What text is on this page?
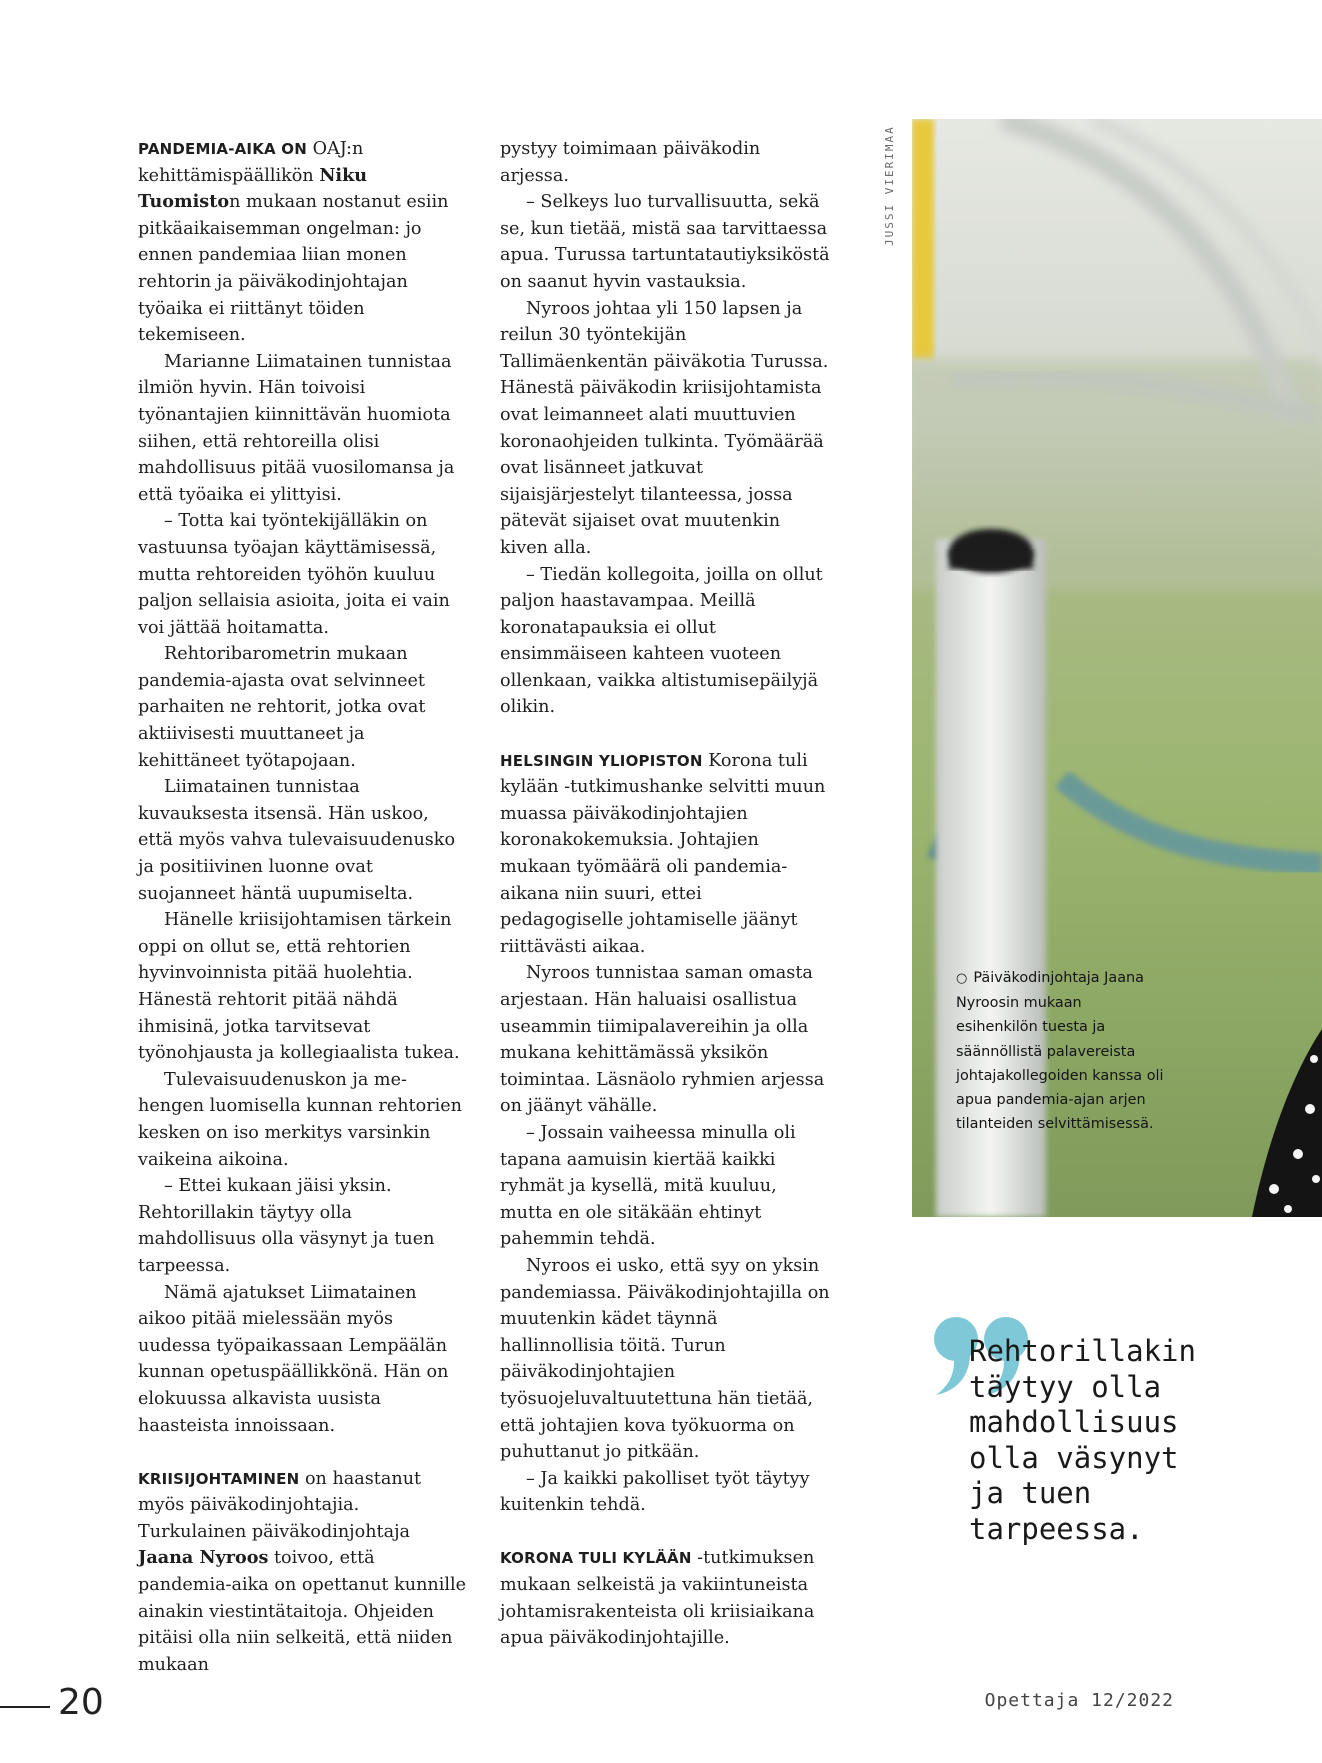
JUSSI VIERIMAA

PANDEMIA-AIKA ON OAJ:n kehittämispäällikön Niku Tuomiston mukaan nostanut esiin pitkäaikaisemman ongelman: jo ennen pandemiaa liian monen rehtorin ja päiväkodinjohtajan työaika ei riittänyt töiden tekemiseen.

Marianne Liimatainen tunnistaa ilmiön hyvin. Hän toivoisi työnantajien kiinnittävän huomiota siihen, että rehtoreilla olisi mahdollisuus pitää vuosilomansa ja että työaika ei ylittyisi.

– Totta kai työntekijälläkin on vastuunsa työajan käyttämisessä, mutta rehtoreiden työhön kuuluu paljon sellaisia asioita, joita ei vain voi jättää hoitamatta.

Rehtoribarometrin mukaan pandemia-ajasta ovat selvinneet parhaiten ne rehtorit, jotka ovat aktiivisesti muuttaneet ja kehittäneet työtapojaan.

Liimatainen tunnistaa kuvauksesta itsensä. Hän uskoo, että myös vahva tulevaisuudenusko ja positiivinen luonne ovat suojanneet häntä uupumiselta.

Hänelle kriisijohtamisen tärkein oppi on ollut se, että rehtorien hyvinvoinnista pitää huolehtia. Hänestä rehtorit pitää nähdä ihmisinä, jotka tarvitsevat työnohjausta ja kollegiaalista tukea.

Tulevaisuudenuskon ja me-hengen luomisella kunnan rehtorien kesken on iso merkitys varsinkin vaikeina aikoina.

– Ettei kukaan jäisi yksin. Rehtorillakin täytyy olla mahdollisuus olla väsynyt ja tuen tarpeessa.

Nämä ajatukset Liimatainen aikoo pitää mielessään myös uudessa työpaikassaan Lempäälän kunnan opetuspäällikkönä. Hän on elokuussa alkavista uusista haasteista innoissaan.

KRIISIJOHTAMINEN on haastanut myös päiväkodinjohtajia. Turkulainen päiväkodinjohtaja Jaana Nyroos toivoo, että pandemia-aika on opettanut kunnille ainakin viestintätaitoja. Ohjeiden pitäisi olla niin selkeitä, että niiden mukaan

pystyy toimimaan päiväkodin arjessa.

– Selkeys luo turvallisuutta, sekä se, kun tietää, mistä saa tarvittaessa apua. Turussa tartuntatautiyksiköstä on saanut hyvin vastauksia.

Nyroos johtaa yli 150 lapsen ja reilun 30 työntekijän Tallimäenkentän päiväkotia Turussa. Hänestä päiväkodin kriisijohtamista ovat leimanneet alati muuttuvien koronaohjeiden tulkinta. Työmäärää ovat lisänneet jatkuvat sijaisjärjestelyt tilanteessa, jossa pätevät sijaiset ovat muutenkin kiven alla.

– Tiedän kollegoita, joilla on ollut paljon haastavampaa. Meillä koronatapauksia ei ollut ensimmäiseen kahteen vuoteen ollenkaan, vaikka altistumisepäilyjä olikin.

HELSINGIN YLIOPISTON Korona tuli kylään -tutkimushanke selvitti muun muassa päiväkodinjohtajien koronakokemuksia. Johtajien mukaan työmäärä oli pandemia-aikana niin suuri, ettei pedagogiselle johtamiselle jäänyt riittävästi aikaa.

Nyroos tunnistaa saman omasta arjestaan. Hän haluaisi osallistua useammin tiimipalavereihin ja olla mukana kehittämässä yksikön toimintaa. Läsnäolo ryhmien arjessa on jäänyt vähälle.

– Jossain vaiheessa minulla oli tapana aamuisin kiertää kaikki ryhmät ja kysellä, mitä kuuluu, mutta en ole sitäkään ehtinyt pahemmin tehdä.

Nyroos ei usko, että syy on yksin pandemiassa. Päiväkodinjohtajilla on muutenkin kädet täynnä hallinnollisia töitä. Turun päiväkodinjohtajien työsuojeluvaltuutettuna hän tietää, että johtajien kova työkuorma on puhuttanut jo pitkään.

– Ja kaikki pakolliset työt täytyy kuitenkin tehdä.

KORONA TULI KYLÄÄN -tutkimuksen mukaan selkeistä ja vakiintuneista johtamisrakenteista oli kriisiaikana apua päiväkodinjohtajille.

○ Päiväkodinjohtaja Jaana Nyroosin mukaan esihenkilön tuesta ja säännöllistä palavereista johtajakollegoiden kanssa oli apua pandemia-ajan arjen tilanteiden selvittämisessä.

Rehtorillakin

täytyy olla

mahdollisuus

olla väsynyt

ja tuen

tarpeessa.

20	Opettaja 12/2022
